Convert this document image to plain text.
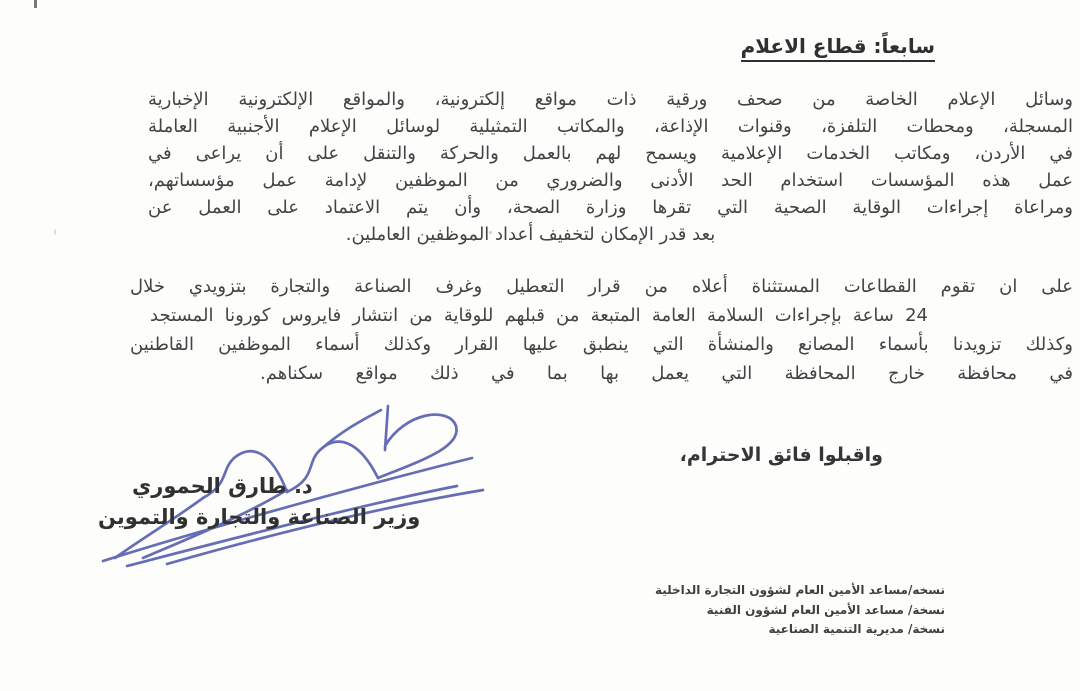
سابعاً: قطاع الاعلام
وسائل الإعلام الخاصة من صحف ورقية ذات مواقع إلكترونية، والمواقع الإلكترونية الإخبارية
المسجلة، ومحطات التلفزة، وقنوات الإذاعة، والمكاتب التمثيلية لوسائل الإعلام الأجنبية العاملة
في الأردن، ومكاتب الخدمات الإعلامية ويسمح لهم بالعمل والحركة والتنقل على أن يراعى في
عمل هذه المؤسسات استخدام الحد الأدنى والضروري من الموظفين لإدامة عمل مؤسساتهم،
ومراعاة إجراءات الوقاية الصحية التي تقرها وزارة الصحة، وأن يتم الاعتماد على العمل عن
بعد قدر الإمكان لتخفيف أعداد الموظفين العاملين.
على ان تقوم القطاعات المستثناة أعلاه من قرار التعطيل وغرف الصناعة والتجارة بتزويدي خلال
24 ساعة بإجراءات السلامة العامة المتبعة من قبلهم للوقاية من انتشار فايروس كورونا المستجد
وكذلك تزويدنا بأسماء المصانع والمنشأة التي ينطبق عليها القرار وكذلك أسماء الموظفين القاطنين
في محافظة خارج المحافظة التي يعمل بها بما في ذلك مواقع سكناهم.
واقبلوا فائق الاحترام،
د. طارق الحموري
وزير الصناعة والتجارة والتموين
نسخه/مساعد الأمين العام لشؤون التجارة الداخلية
نسخة/ مساعد الأمين العام لشؤون الفنية
نسخة/ مديرية التنمية الصناعية
